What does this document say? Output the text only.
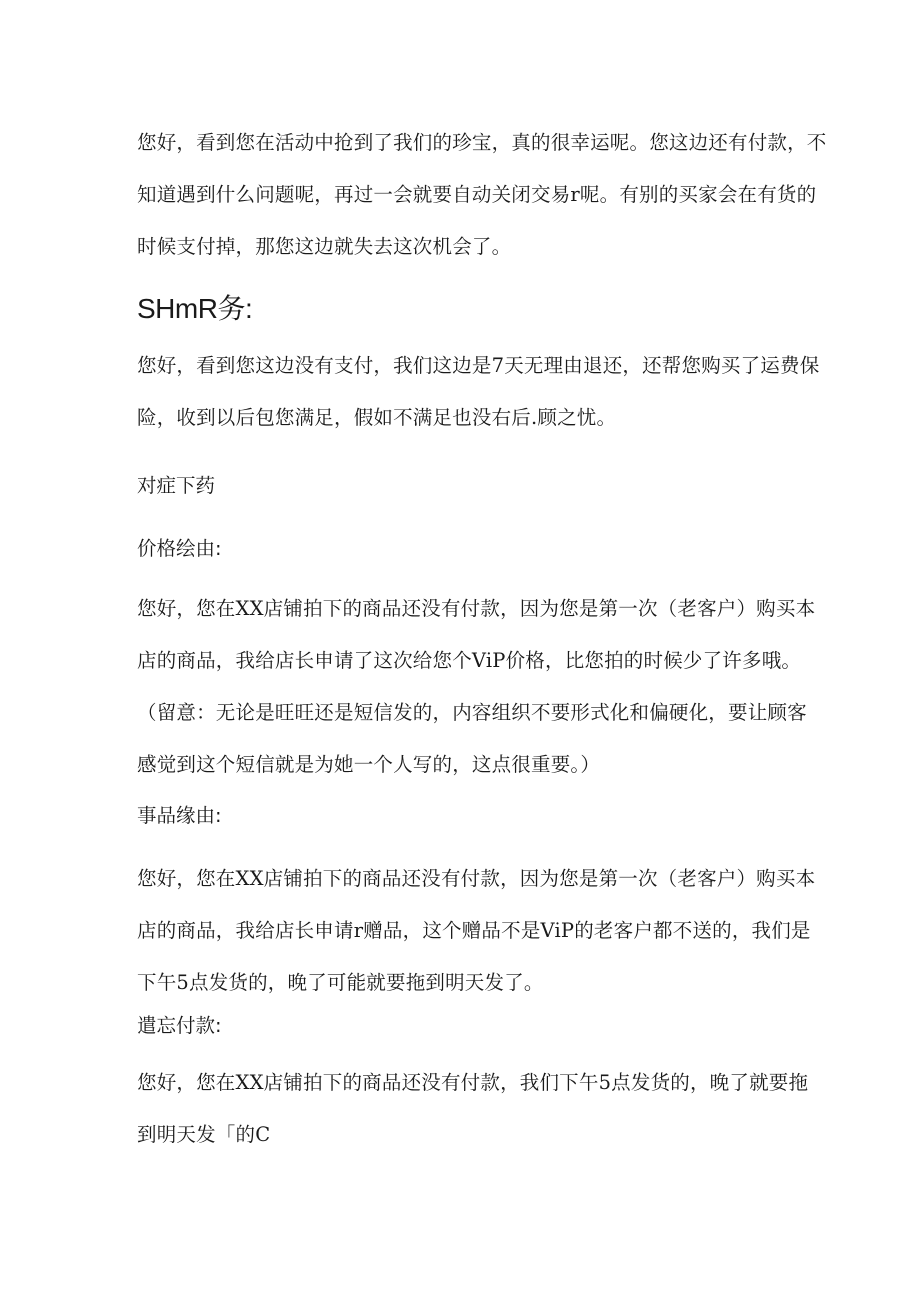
您好，看到您在活动中抢到了我们的珍宝，真的很幸运呢。您这边还有付款，不
知道遇到什么问题呢，再过一会就要自动关闭交易r呢。有别的买家会在有货的
时候支付掉，那您这边就失去这次机会了。

SHmR务:

您好，看到您这边没有支付，我们这边是7天无理由退还，还帮您购买了运费保
险，收到以后包您满足，假如不满足也没右后.顾之忧。

对症下药
价格绘由:

您好，您在XX店铺拍下的商品还没有付款，因为您是第一次（老客户）购买本
店的商品，我给店长申请了这次给您个ViP价格，比您拍的时候少了许多哦。
（留意：无论是旺旺还是短信发的，内容组织不要形式化和偏硬化，要让顾客
感觉到这个短信就是为她一个人写的，这点很重要。）

事品缘由:

您好，您在XX店铺拍下的商品还没有付款，因为您是第一次（老客户）购买本
店的商品，我给店长申请r赠品，这个赠品不是ViP的老客户都不送的，我们是
下午5点发货的，晚了可能就要拖到明天发了。

遣忘付款:

您好，您在XX店铺拍下的商品还没有付款，我们下午5点发货的，晚了就要拖
到明天发「的C
